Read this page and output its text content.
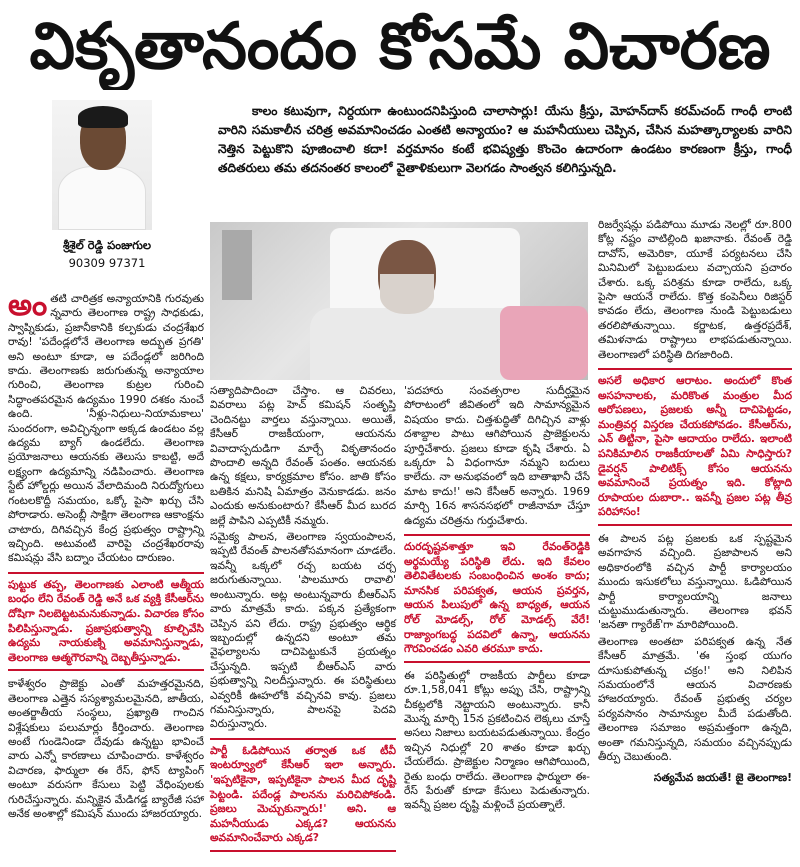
వికృతానందం కోసమే విచారణ
శ్రీశైల్ రెడ్డి పంజుగుల
90309 97371
కాలం కటువుగా, నిర్దయగా ఉంటుందనిపిస్తుంది చాలాసార్లు! యేసు క్రీస్తు, మోహన్‌దాస్ కరమ్‌చంద్ గాంధీ లాంటి వారిని సమకాలీన చరిత్ర అవమానించడం ఎంతటి అన్యాయం? ఆ మహనీయులు చెప్పిన, చేసిన మహత్కార్యాలకు వారిని నెత్తిన పెట్టుకొని పూజించాలి కదా! వర్తమానం కంటే భవిష్యత్తు కొంచెం ఉదారంగా ఉండటం కారణంగా క్రీస్తు, గాంధీ తదితరులు తమ తదనంతర కాలంలో వైతాళికులుగా వెలగడం సాంత్వన కలిగిస్తున్నది.

అంతటి చారిత్రక అన్యాయానికి గురవుతు న్నవారు తెలంగాణ రాష్ట్ర సాధకుడు, స్వాప్నికుడు, ప్రజానీకానికి కల్పకుడు చంద్రశేఖర రావు! 'పదేండ్లలోనే తెలంగాణ అద్భుత ప్రగతి' అని అంటూ కూడా, ఆ పదేండ్లలో జరిగింది కాదు. తెలంగాణకు జరుగుతున్న అన్యాయాల గురించి, తెలంగాణ కుట్రల గురించి సిద్ధాంతపరమైన ఉద్యమం 1990 దశకం నుంచే ఉంది. 'నీళ్లు-నిధులు-నియామకాలు' సుందరంగా, అవిచ్ఛిన్నంగా అక్కడ ఉండటం వల్ల ఉద్యమ బ్యాగ్ ఉండలేదు. తెలంగాణ ప్రయోజనాలు ఆయనకు తెలుసు కాబట్టి, అదే లక్ష్యంగా ఉద్యమాన్ని నడిపించారు. తెలంగాణ స్టేట్ హోల్డర్లు అయిన వేలాదిమంది నిరుద్యోగులు గంటలకొద్దీ సమయం, ఒక్కో పైసా ఖర్చు చేసి పోరాడారు. అసెంబ్లీ సాక్షిగా తెలంగాణ ఆకాంక్షను చాటారు, దిగివచ్చిన కేంద్ర ప్రభుత్వం రాష్ట్రాన్ని ఇచ్చింది. అటువంటి వారిపై చంద్రశేఖరరావు కమిషన్లు వేసి బద్నాం చేయటం దారుణం.

పుట్టుక తప్ప, తెలంగాణకు ఎలాంటి ఆత్మీయ బంధం లేని రేవంత్ రెడ్డి అనే ఒక వ్యక్తి కేసీఆర్‌ను దోషిగా నిలబెట్టటమనుకున్నాడు. విచారణ కోసం పిలిపిస్తున్నాడు. ప్రజాప్రభుత్వాన్ని కూల్చివేసి ఉద్యమ నాయకుణ్ని అవమానిస్తున్నాడు, తెలంగాణ ఆత్మగౌరవాన్ని దెబ్బతీస్తున్నాడు.

కాళేశ్వరం ప్రాజెక్టు ఎంతో మహత్తరమైనది, తెలంగాణ ఎత్తైన సస్యశ్యామలమైనది, జాతీయ, అంతర్జాతీయ సంస్థలు, ప్రఖ్యాతి గాంచిన విశ్లేషకులు పలుమార్లు కీర్తించారు. తెలంగాణ అంటే గుండెనిండా దేవుడు ఉన్నట్టు భావించే వారు ఎన్నో కారణాలు చూపించారు. కాళేశ్వరం విచారణ, ఫార్ములా ఈ రేస్, ఫోన్ ట్యాపింగ్ అంటూ వరుసగా కేసులు పెట్టి వేధింపులకు గురిచేస్తున్నారు. మన్నికైన మేడిగడ్డ బ్యారేజీ సహా అనేక అంశాల్లో కమిషన్ ముందు హాజరయ్యారు.

సత్యాదిపాదించా చేస్తాం. ఆ చివరలు, వివరాలు పట్ల హెచ్ కమిషన్ సంతృప్తి చెందినట్టు వార్తలు వస్తున్నాయి. అయితే, కేసీఆర్ రాజకీయంగా, ఆయనను వివాదాస్పదుడిగా మార్చే వికృతానందం పొందాలి అన్నది రేవంత్ పంతం. ఆయనకు ఉన్న కక్షలు, కార్యక్రమాల కోసం. జాతి కోసం బతికిన మనిషి ఏమాత్రం వెనుకాడడు. జనం ఎందుకు అనుకుంటారు? కేసీఆర్ మీద బురద జల్లే పాపిని ఎప్పటికీ నమ్మరు.

సమైక్య పాలన, తెలంగాణ స్వయంపాలన, ఇప్పటి రేవంత్ పాలనతోసమానంగా చూడలేం. ఇవన్నీ ఒక్కలో రచ్చ బయట చర్చ జరుగుతున్నాయి. 'పాలమూరు రావాలి' అంటున్నారు. అట్ల అంటున్నవారు బీఆర్ఎస్ వారు మాత్రమే కాదు. పక్కన ప్రత్యేకంగా చెప్పిన పని లేదు. రాష్ట్ర ప్రభుత్వం ఆర్థిక ఇబ్బందుల్లో ఉన్నదని అంటూ తమ వైఫల్యాలను దాచిపెట్టుకునే ప్రయత్నం చేస్తున్నది. ఇప్పటి బీఆర్ఎస్ వారు ప్రభుత్వాన్ని నిలదీస్తున్నారు. ఈ పరిస్థితులు ఎవ్వరికీ ఊహలోకి వచ్చినవి కావు. ప్రజలు గమనిస్తున్నారు, పాలనపై పెదవి విరుస్తున్నారు.

పార్టీ ఓడిపోయిన తర్వాత ఒక టీవీ ఇంటర్వ్యూలో కేసీఆర్ ఇలా అన్నారు. 'ఇప్పటికైనా, ఇప్పటికైనా పాలన మీద దృష్టి పెట్టండి. పదేండ్ల పాలనను మరిచిపోకండి. ప్రజలు మెచ్చుకున్నారు!' అని. ఆ మహనీయుడు ఎక్కడ? ఆయనను అవమానించేవారు ఎక్కడ?

'పదహారు సంవత్సరాల సుదీర్ఘమైన పోరాటంలో జీవితంలో ఇది సామాన్యమైన విషయం కాదు. చిత్తశుద్ధితో దిగిచ్చిన వాళ్లు దశాబ్దాల పాటు ఆగిపోయిన ప్రాజెక్టులను పూర్తిచేశారు. ప్రజలు కూడా కృషి చేశారు. ఏ ఒక్కరూ ఏ విధంగానూ నమ్మని బదులు కాలేదు. నా అనుభవంలో ఇది బాతాఖానీ చేసే మాట కాదు!' అని కేసీఆర్ అన్నారు. 1969 మార్చి 16న శాసనసభలో రాజీనామా చేస్తూ ఉద్యమ చరిత్రను గుర్తుచేశారు.

దురదృష్టవశాత్తూ ఇవి రేవంత్‌రెడ్డికి అర్థమయ్యే పరిస్థితి లేదు. ఇది కేవలం తెలివితేటలకు సంబంధించిన అంశం కాదు; మానసిక పరిపక్వత, ఆయన ప్రవర్తన, ఆయన పిలుపులో ఉన్న బాధ్యత, ఆయన రోల్ మోడల్స్, రోల్ మోడల్స్ వేరే! రాజ్యాంగబద్ధ పదవిలో ఉన్నా, ఆయనను గౌరవించడం ఎవరి తరమూ కాదు.

ఈ పరిస్థితుల్లో రాజకీయ పార్టీలు కూడా రూ.1,58,041 కోట్లు అప్పు చేసి, రాష్ట్రాన్ని చీకట్లలోకి నెట్టాయని అంటున్నారు. కానీ మొన్న మార్చి 15న ప్రకటించిన లెక్కలు చూస్తే అసలు నిజాలు బయటపడుతున్నాయి. కేంద్రం ఇచ్చిన నిధుల్లో 20 శాతం కూడా ఖర్చు చేయలేదు. ప్రాజెక్టుల నిర్మాణం ఆగిపోయింది, రైతు బంధు రాలేదు. తెలంగాణ ఫార్ములా ఈ-రేస్ పేరుతో కూడా కేసులు పెడుతున్నారు. ఇవన్నీ ప్రజల దృష్టి మళ్లించే ప్రయత్నాలే.

రిజర్వేషన్లు పడిపోయి మూడు నెలల్లో రూ.800 కోట్ల నష్టం వాటిల్లింది ఖజానాకు. రేవంత్ రెడ్డి దావోస్, అమెరికా, యూకే పర్యటనలు చేసి మినిమిలో పెట్టుబడులు వచ్చాయని ప్రచారం చేశారు. ఒక్క పరిశ్రమ కూడా రాలేదు, ఒక్క పైసా ఆయనే రాలేదు. కొత్త కంపెనీలు రిజిస్టర్ కావడం లేదు, తెలంగాణ నుండి పెట్టుబడులు తరలిపోతున్నాయి. కర్ణాటక, ఉత్తరప్రదేశ్, తమిళనాడు రాష్ట్రాలు లాభపడుతున్నాయి. తెలంగాణలో పరిస్థితి దిగజారింది.

అసలే అధికార ఆరాటం. అందులో కొంత అసహనాలకు, మరికొంత మంత్రుల మీద ఆరోపణలు, ప్రజలకు అన్నీ దాచిపెట్టడం, మంత్రివర్గ విస్తరణ చేయకపోవడం. కేసీఆర్‌ను, ఎన్ తిట్టినా, పైసా ఆదాయం రాలేదు. ఇలాంటి పనికిమాలిన రాజకీయాలతో ఏమి సాధిస్తారు? డైవర్షన్ పాలిటిక్స్ కోసం ఆయనను అవమానించే ప్రయత్నం ఇది. కోట్లాది రూపాయల దుబారా.. ఇవన్నీ ప్రజల పట్ల తీవ్ర పరిహాసం!

ఈ పాలన పట్ల ప్రజలకు ఒక స్పష్టమైన అవగాహన వచ్చింది. ప్రజాపాలన అని అధికారంలోకి వచ్చిన పార్టీ కార్యాలయం ముందు ఇసుకలోలు వస్తున్నాయి. ఓడిపోయిన పార్టీ కార్యాలయాన్ని జనాలు చుట్టుముడుతున్నారు. తెలంగాణ భవన్ 'జనతా గ్యారేజ్'గా మారిపోయింది.

తెలంగాణ అంతటా పరిపక్వత ఉన్న నేత కేసీఆర్ మాత్రమే. 'ఈ స్తంభ యుగం దూసుకుపోతున్న చక్రం!' అని నిలిపిన సమయంలోనే ఆయన విచారణకు హాజరయ్యారు. రేవంత్ ప్రభుత్వ చర్యల పర్యవసానం సామాన్యుల మీదే పడుతోంది. తెలంగాణ సమాజం అప్రమత్తంగా ఉన్నది, అంతా గమనిస్తున్నది, సమయం వచ్చినప్పుడు తీర్పు చెబుతుంది.

సత్యమేవ జయతే! జై తెలంగాణ!
